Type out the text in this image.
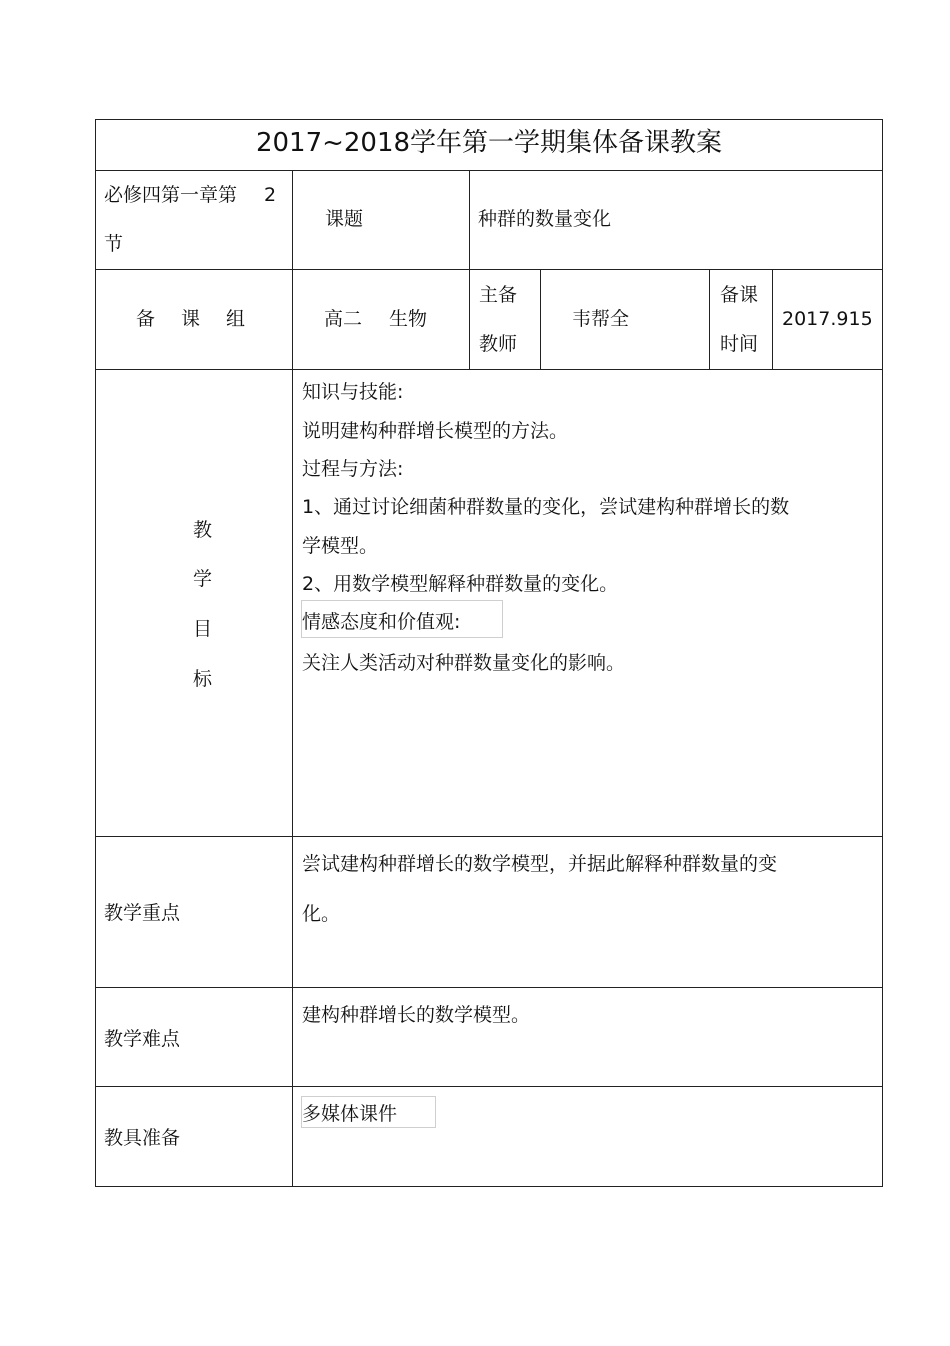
2017~2018学年第一学期集体备课教案
必修四第一章第 2
节
课题	种群的数量变化
备 课 组	高二 生物
主备
教师
韦帮全
备课
时间
2017.915
教
学
目
标
知识与技能:
说明建构种群增长模型的方法。
过程与方法:
1、通过讨论细菌种群数量的变化，尝试建构种群增长的数
学模型。
2、用数学模型解释种群数量的变化。
情感态度和价值观:
关注人类活动对种群数量变化的影响。
教学重点
尝试建构种群增长的数学模型，并据此解释种群数量的变
化。
教学难点
建构种群增长的数学模型。
教具准备
多媒体课件
